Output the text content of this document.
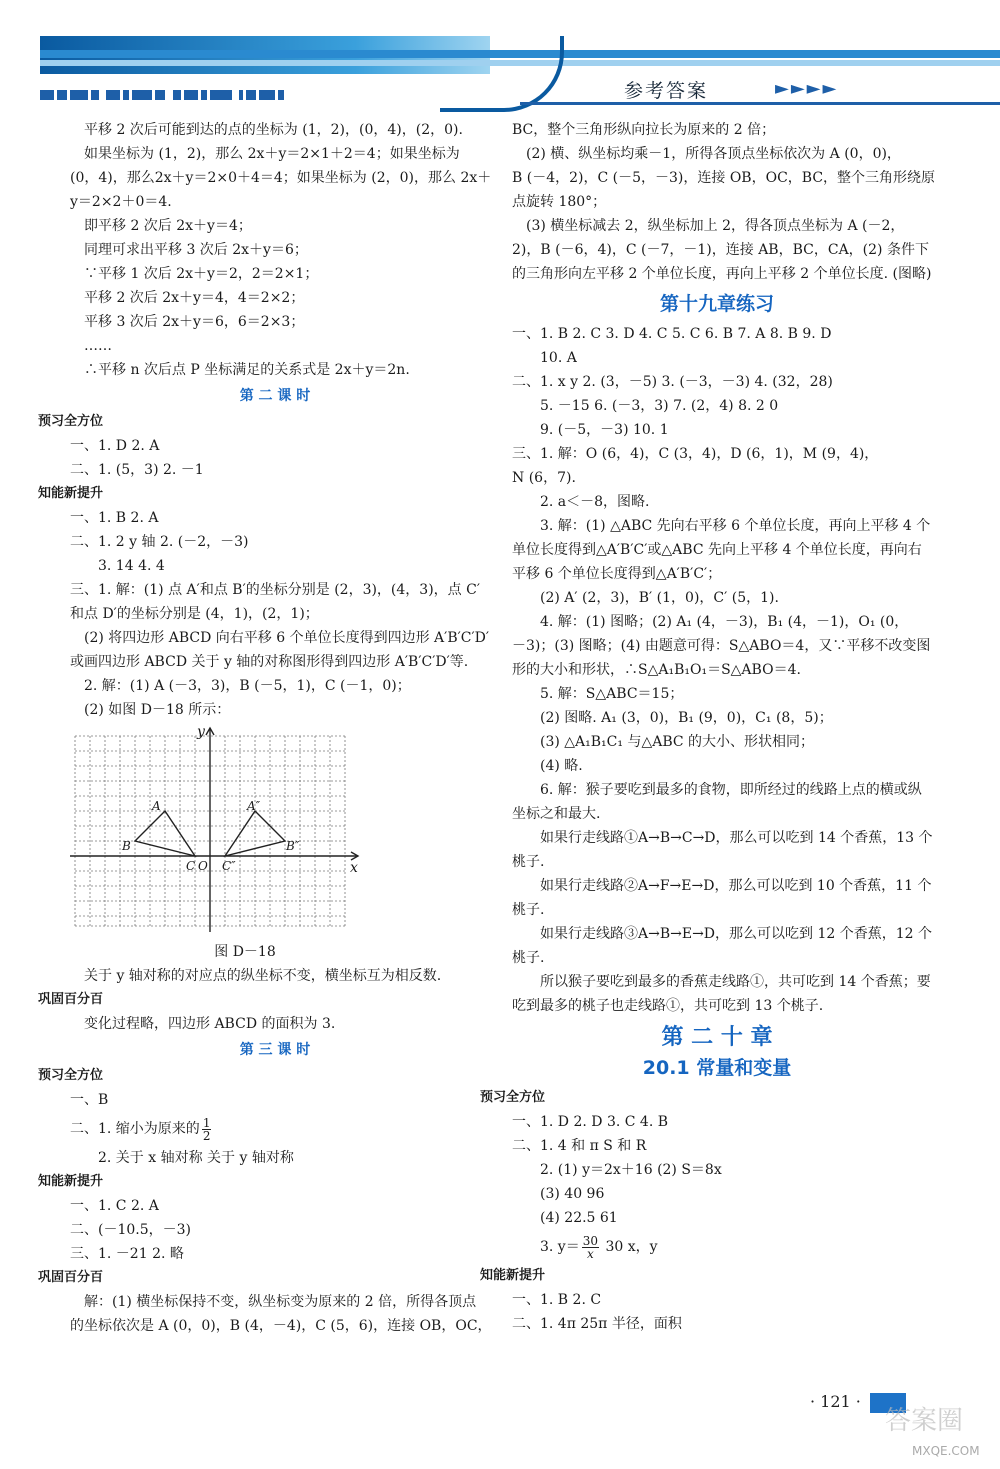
参考答案	►►►►
平移 2 次后可能到达的点的坐标为 (1，2)，(0，4)，(2，0).
如果坐标为 (1，2)，那么 2x＋y＝2×1＋2＝4；如果坐标为
(0，4)，那么2x＋y＝2×0＋4＝4；如果坐标为 (2，0)，那么 2x＋
y＝2×2＋0＝4.
即平移 2 次后 2x＋y＝4；
同理可求出平移 3 次后 2x＋y＝6；
∵平移 1 次后 2x＋y＝2，2＝2×1；
平移 2 次后 2x＋y＝4，4＝2×2；
平移 3 次后 2x＋y＝6，6＝2×3；
……
∴平移 n 次后点 P 坐标满足的关系式是 2x＋y＝2n.
第 二 课 时
预习全方位
一、1. D 2. A
二、1. (5，3) 2. －1
知能新提升
一、1. B 2. A
二、1. 2 y 轴 2. (－2，－3)
3. 14 4. 4
三、1. 解：(1) 点 A′和点 B′的坐标分别是 (2，3)，(4，3)，点 C′
和点 D′的坐标分别是 (4，1)，(2，1)；
(2) 将四边形 ABCD 向右平移 6 个单位长度得到四边形 A′B′C′D′
或画四边形 ABCD 关于 y 轴的对称图形得到四边形 A′B′C′D′等.
2. 解：(1) A (－3，3)，B (－5，1)，C (－1，0)；
(2) 如图 D－18 所示：
y
x
A	A″
B	B″
C O C″
图 D－18
关于 y 轴对称的对应点的纵坐标不变，横坐标互为相反数.
巩固百分百
变化过程略，四边形 ABCD 的面积为 3.
第 三 课 时
预习全方位
一、B
二、1. 缩小为原来的 $\frac{1}{2}$
2. 关于 x 轴对称 关于 y 轴对称
知能新提升
一、1. C 2. A
二、(－10.5，－3)
三、1. －21 2. 略
巩固百分百
解：(1) 横坐标保持不变，纵坐标变为原来的 2 倍，所得各顶点
的坐标依次是 A (0，0)，B (4，－4)，C (5，6)，连接 OB，OC，
BC，整个三角形纵向拉长为原来的 2 倍；
(2) 横、纵坐标均乘－1，所得各顶点坐标依次为 A (0，0)，
B (－4，2)，C (－5，－3)，连接 OB，OC，BC，整个三角形绕原
点旋转 180°；
(3) 横坐标减去 2，纵坐标加上 2，得各顶点坐标为 A (－2，
2)，B (－6，4)，C (－7，－1)，连接 AB，BC，CA，(2) 条件下
的三角形向左平移 2 个单位长度，再向上平移 2 个单位长度. (图略)
第十九章练习
一、1. B 2. C 3. D 4. C 5. C 6. B 7. A 8. B 9. D
10. A
二、1. x y 2. (3，－5) 3. (－3，－3) 4. (32，28)
5. －15 6. (－3，3) 7. (2，4) 8. 2 0
9. (－5，－3) 10. 1
三、1. 解：O (6，4)，C (3，4)，D (6，1)，M (9，4)，
N (6，7).
2. a＜－8，图略.
3. 解：(1) △ABC 先向右平移 6 个单位长度，再向上平移 4 个
单位长度得到△A′B′C′或△ABC 先向上平移 4 个单位长度，再向右
平移 6 个单位长度得到△A′B′C′；
(2) A′ (2，3)，B′ (1，0)，C′ (5，1).
4. 解：(1) 图略；(2) A₁ (4，－3)，B₁ (4，－1)，O₁ (0，
－3)；(3) 图略；(4) 由题意可得：S△ABO＝4，又∵平移不改变图
形的大小和形状，∴S△A₁B₁O₁＝S△ABO＝4.
5. 解：S△ABC＝15；
(2) 图略. A₁ (3，0)，B₁ (9，0)，C₁ (8，5)；
(3) △A₁B₁C₁ 与△ABC 的大小、形状相同；
(4) 略.
6. 解：猴子要吃到最多的食物，即所经过的线路上点的横或纵
坐标之和最大.
如果行走线路①A→B→C→D，那么可以吃到 14 个香蕉，13 个
桃子.
如果行走线路②A→F→E→D，那么可以吃到 10 个香蕉，11 个
桃子.
如果行走线路③A→B→E→D，那么可以吃到 12 个香蕉，12 个
桃子.
所以猴子要吃到最多的香蕉走线路①，共可吃到 14 个香蕉；要
吃到最多的桃子也走线路①，共可吃到 13 个桃子.
第 二 十 章
20.1 常量和变量
预习全方位
一、1. D 2. D 3. C 4. B
二、1. 4 和 π S 和 R
2. (1) y＝2x＋16 (2) S＝8x
(3) 40 96
(4) 22.5 61
3. $y= \frac{30}{x} 30$ x，y
知能新提升
一、1. B 2. C
二、1. 4π 25π 半径，面积
· 121 ·
答案圈
MXQE.COM
